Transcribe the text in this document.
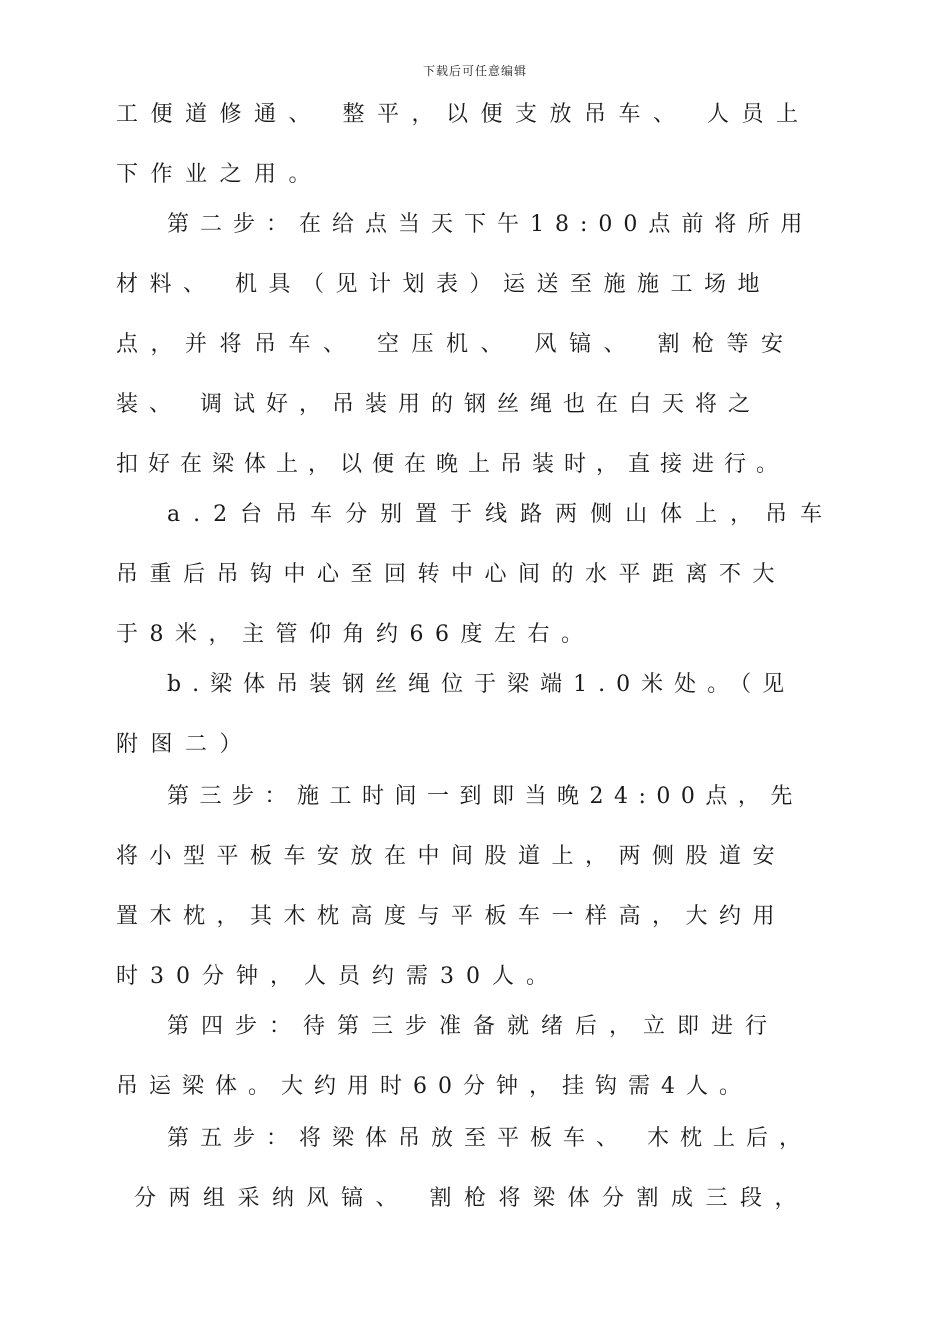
下载后可任意编辑
工便道修通、 整平，以便支放吊车、 人员上
下作业之用。
第二步：在给点当天下午18:00点前将所用
材料、 机具（见计划表）运送至施施工场地
点，并将吊车、 空压机、 风镐、 割枪等安
装、 调试好，吊装用的钢丝绳也在白天将之
扣好在梁体上，以便在晚上吊装时，直接进行。
a.2台吊车分别置于线路两侧山体上，吊车
吊重后吊钩中心至回转中心间的水平距离不大
于8米，主管仰角约66度左右。
b.梁体吊装钢丝绳位于梁端1.0米处。（见
附图二）
第三步：施工时间一到即当晚24:00点，先
将小型平板车安放在中间股道上，两侧股道安
置木枕，其木枕高度与平板车一样高，大约用
时30分钟，人员约需30人。
第四步：待第三步准备就绪后，立即进行
吊运梁体。大约用时60分钟，挂钩需4人。
第五步：将梁体吊放至平板车、 木枕上后，
分两组采纳风镐、 割枪将梁体分割成三段，
